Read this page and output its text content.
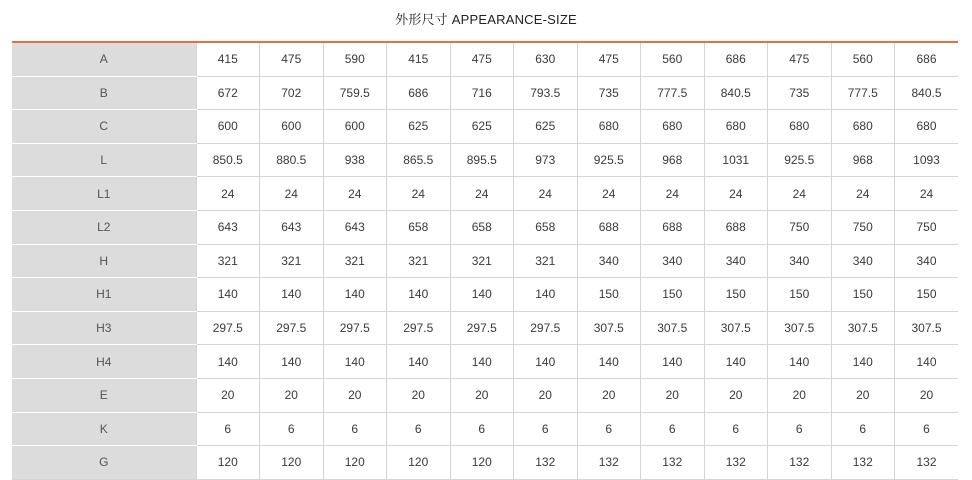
外形尺寸 APPEARANCE-SIZE
A	415	475	590	415	475	630	475	560	686	475	560	686
B	672	702	759.5	686	716	793.5	735	777.5	840.5	735	777.5	840.5
C	600	600	600	625	625	625	680	680	680	680	680	680
L	850.5	880.5	938	865.5	895.5	973	925.5	968	1031	925.5	968	1093
L1	24	24	24	24	24	24	24	24	24	24	24	24
L2	643	643	643	658	658	658	688	688	688	750	750	750
H	321	321	321	321	321	321	340	340	340	340	340	340
H1	140	140	140	140	140	140	150	150	150	150	150	150
H3	297.5	297.5	297.5	297.5	297.5	297.5	307.5	307.5	307.5	307.5	307.5	307.5
H4	140	140	140	140	140	140	140	140	140	140	140	140
E	20	20	20	20	20	20	20	20	20	20	20	20
K	6	6	6	6	6	6	6	6	6	6	6	6
G	120	120	120	120	120	132	132	132	132	132	132	132
